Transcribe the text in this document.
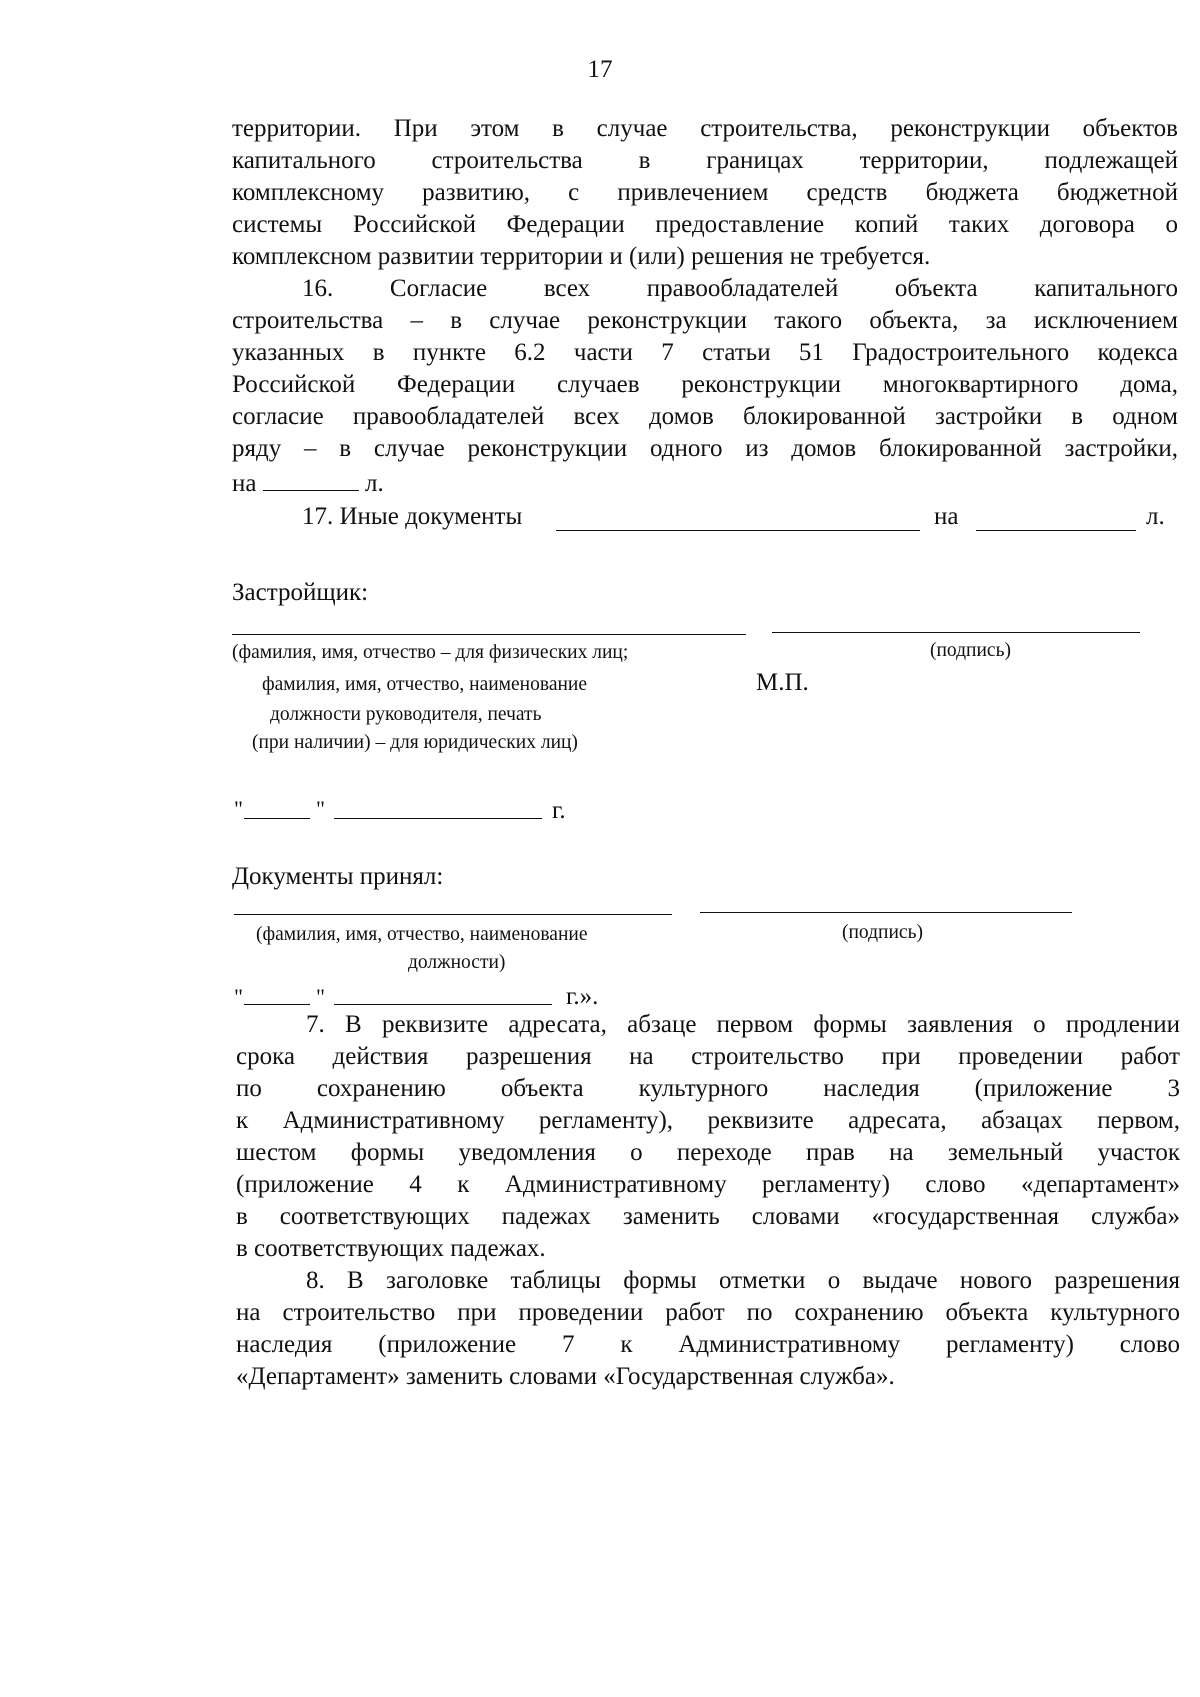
17
территории. При этом в случае строительства, реконструкции объектов
капитального строительства в границах территории, подлежащей
комплексному развитию, с привлечением средств бюджета бюджетной
системы Российской Федерации предоставление копий таких договора о
комплексном развитии территории и (или) решения не требуется.
16. Согласие всех правообладателей объекта капитального
строительства – в случае реконструкции такого объекта, за исключением
указанных в пункте 6.2 части 7 статьи 51 Градостроительного кодекса
Российской Федерации случаев реконструкции многоквартирного дома,
согласие правообладателей всех домов блокированной застройки в одном
ряду – в случае реконструкции одного из домов блокированной застройки,
на	л.
17. Иные документы	на	л.
Застройщик:
(фамилия, имя, отчество – для физических лиц;
фамилия, имя, отчество, наименование
должности руководителя, печать
(при наличии) – для юридических лиц)
(подпись)
М.П.
"	"	г.
Документы принял:
(фамилия, имя, отчество, наименование
должности)
(подпись)
"	"	г.».
7. В реквизите адресата, абзаце первом формы заявления о продлении
срока действия разрешения на строительство при проведении работ
по сохранению объекта культурного наследия (приложение 3
к Административному регламенту), реквизите адресата, абзацах первом,
шестом формы уведомления о переходе прав на земельный участок
(приложение 4 к Административному регламенту) слово «департамент»
в соответствующих падежах заменить словами «государственная служба»
в соответствующих падежах.
8. В заголовке таблицы формы отметки о выдаче нового разрешения
на строительство при проведении работ по сохранению объекта культурного
наследия (приложение 7 к Административному регламенту) слово
«Департамент» заменить словами «Государственная служба».
